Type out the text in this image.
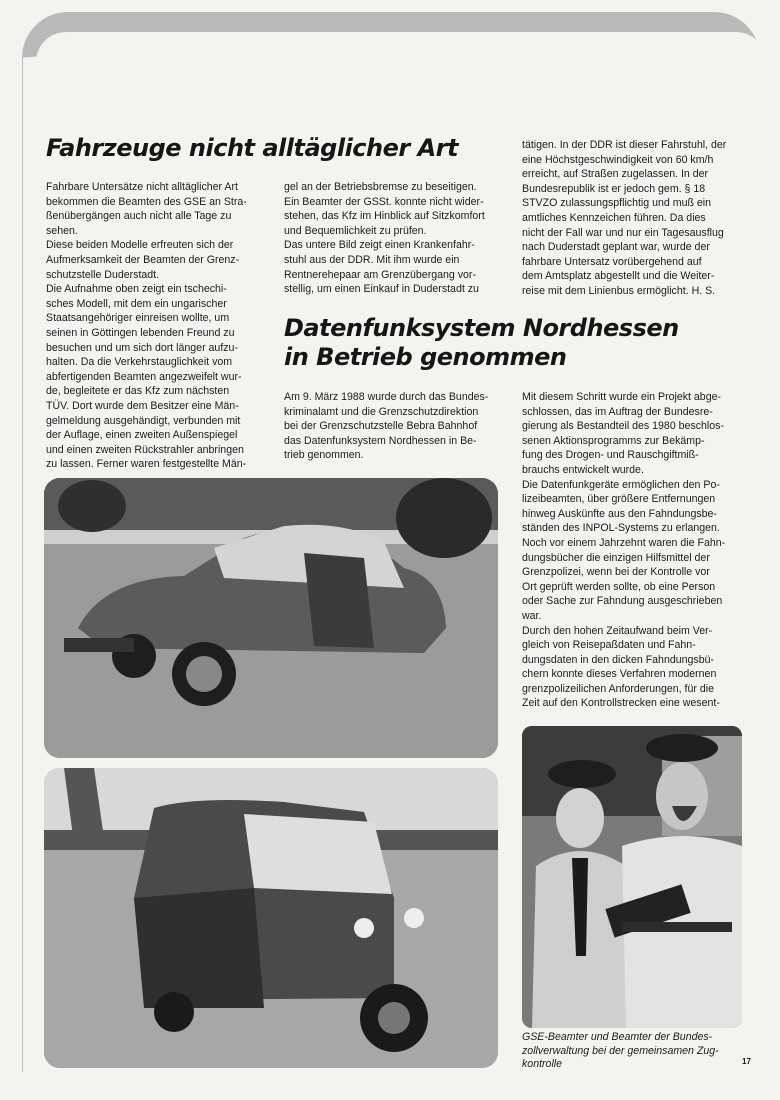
Fahrzeuge nicht alltäglicher Art
Fahrbare Untersätze nicht alltäglicher Art
bekommen die Beamten des GSE an Stra-
ßenübergängen auch nicht alle Tage zu
sehen.
Diese beiden Modelle erfreuten sich der
Aufmerksamkeit der Beamten der Grenz-
schutzstelle Duderstadt.
Die Aufnahme oben zeigt ein tschechi-
sches Modell, mit dem ein ungarischer
Staatsangehöriger einreisen wollte, um
seinen in Göttingen lebenden Freund zu
besuchen und um sich dort länger aufzu-
halten. Da die Verkehrstauglichkeit vom
abfertigenden Beamten angezweifelt wur-
de, begleitete er das Kfz zum nächsten
TÜV. Dort wurde dem Besitzer eine Män-
gelmeldung ausgehändigt, verbunden mit
der Auflage, einen zweiten Außenspiegel
und einen zweiten Rückstrahler anbringen
zu lassen. Ferner waren festgestellte Män-
gel an der Betriebsbremse zu beseitigen.
Ein Beamter der GSSt. konnte nicht wider-
stehen, das Kfz im Hinblick auf Sitzkomfort
und Bequemlichkeit zu prüfen.
Das untere Bild zeigt einen Krankenfahr-
stuhl aus der DDR. Mit ihm wurde ein
Rentnerehepaar am Grenzübergang vor-
stellig, um einen Einkauf in Duderstadt zu
tätigen. In der DDR ist dieser Fahrstuhl, der
eine Höchstgeschwindigkeit von 60 km/h
erreicht, auf Straßen zugelassen. In der
Bundesrepublik ist er jedoch gem. § 18
STVZO zulassungspflichtig und muß ein
amtliches Kennzeichen führen. Da dies
nicht der Fall war und nur ein Tagesausflug
nach Duderstadt geplant war, wurde der
fahrbare Untersatz vorübergehend auf
dem Amtsplatz abgestellt und die Weiter-
reise mit dem Linienbus ermöglicht. H. S.
Datenfunksystem Nordhessen
in Betrieb genommen
Am 9. März 1988 wurde durch das Bundes-
kriminalamt und die Grenzschutzdirektion
bei der Grenzschutzstelle Bebra Bahnhof
das Datenfunksystem Nordhessen in Be-
trieb genommen.
Mit diesem Schritt wurde ein Projekt abge-
schlossen, das im Auftrag der Bundesre-
gierung als Bestandteil des 1980 beschlos-
senen Aktionsprogramms zur Bekämp-
fung des Drogen- und Rauschgiftmiß-
brauchs entwickelt wurde.
Die Datenfunkgeräte ermöglichen den Po-
lizeibeamten, über größere Entfernungen
hinweg Auskünfte aus den Fahndungsbe-
ständen des INPOL-Systems zu erlangen.
Noch vor einem Jahrzehnt waren die Fahn-
dungsbücher die einzigen Hilfsmittel der
Grenzpolizei, wenn bei der Kontrolle vor
Ort geprüft werden sollte, ob eine Person
oder Sache zur Fahndung ausgeschrieben
war.
Durch den hohen Zeitaufwand beim Ver-
gleich von Reisepaßdaten und Fahn-
dungsdaten in den dicken Fahndungsbü-
chern konnte dieses Verfahren modernen
grenzpolizeilichen Anforderungen, für die
Zeit auf den Kontrollstrecken eine wesent-
GSE-Beamter und Beamter der Bundes-
zollverwaltung bei der gemeinsamen Zug-
kontrolle	17
